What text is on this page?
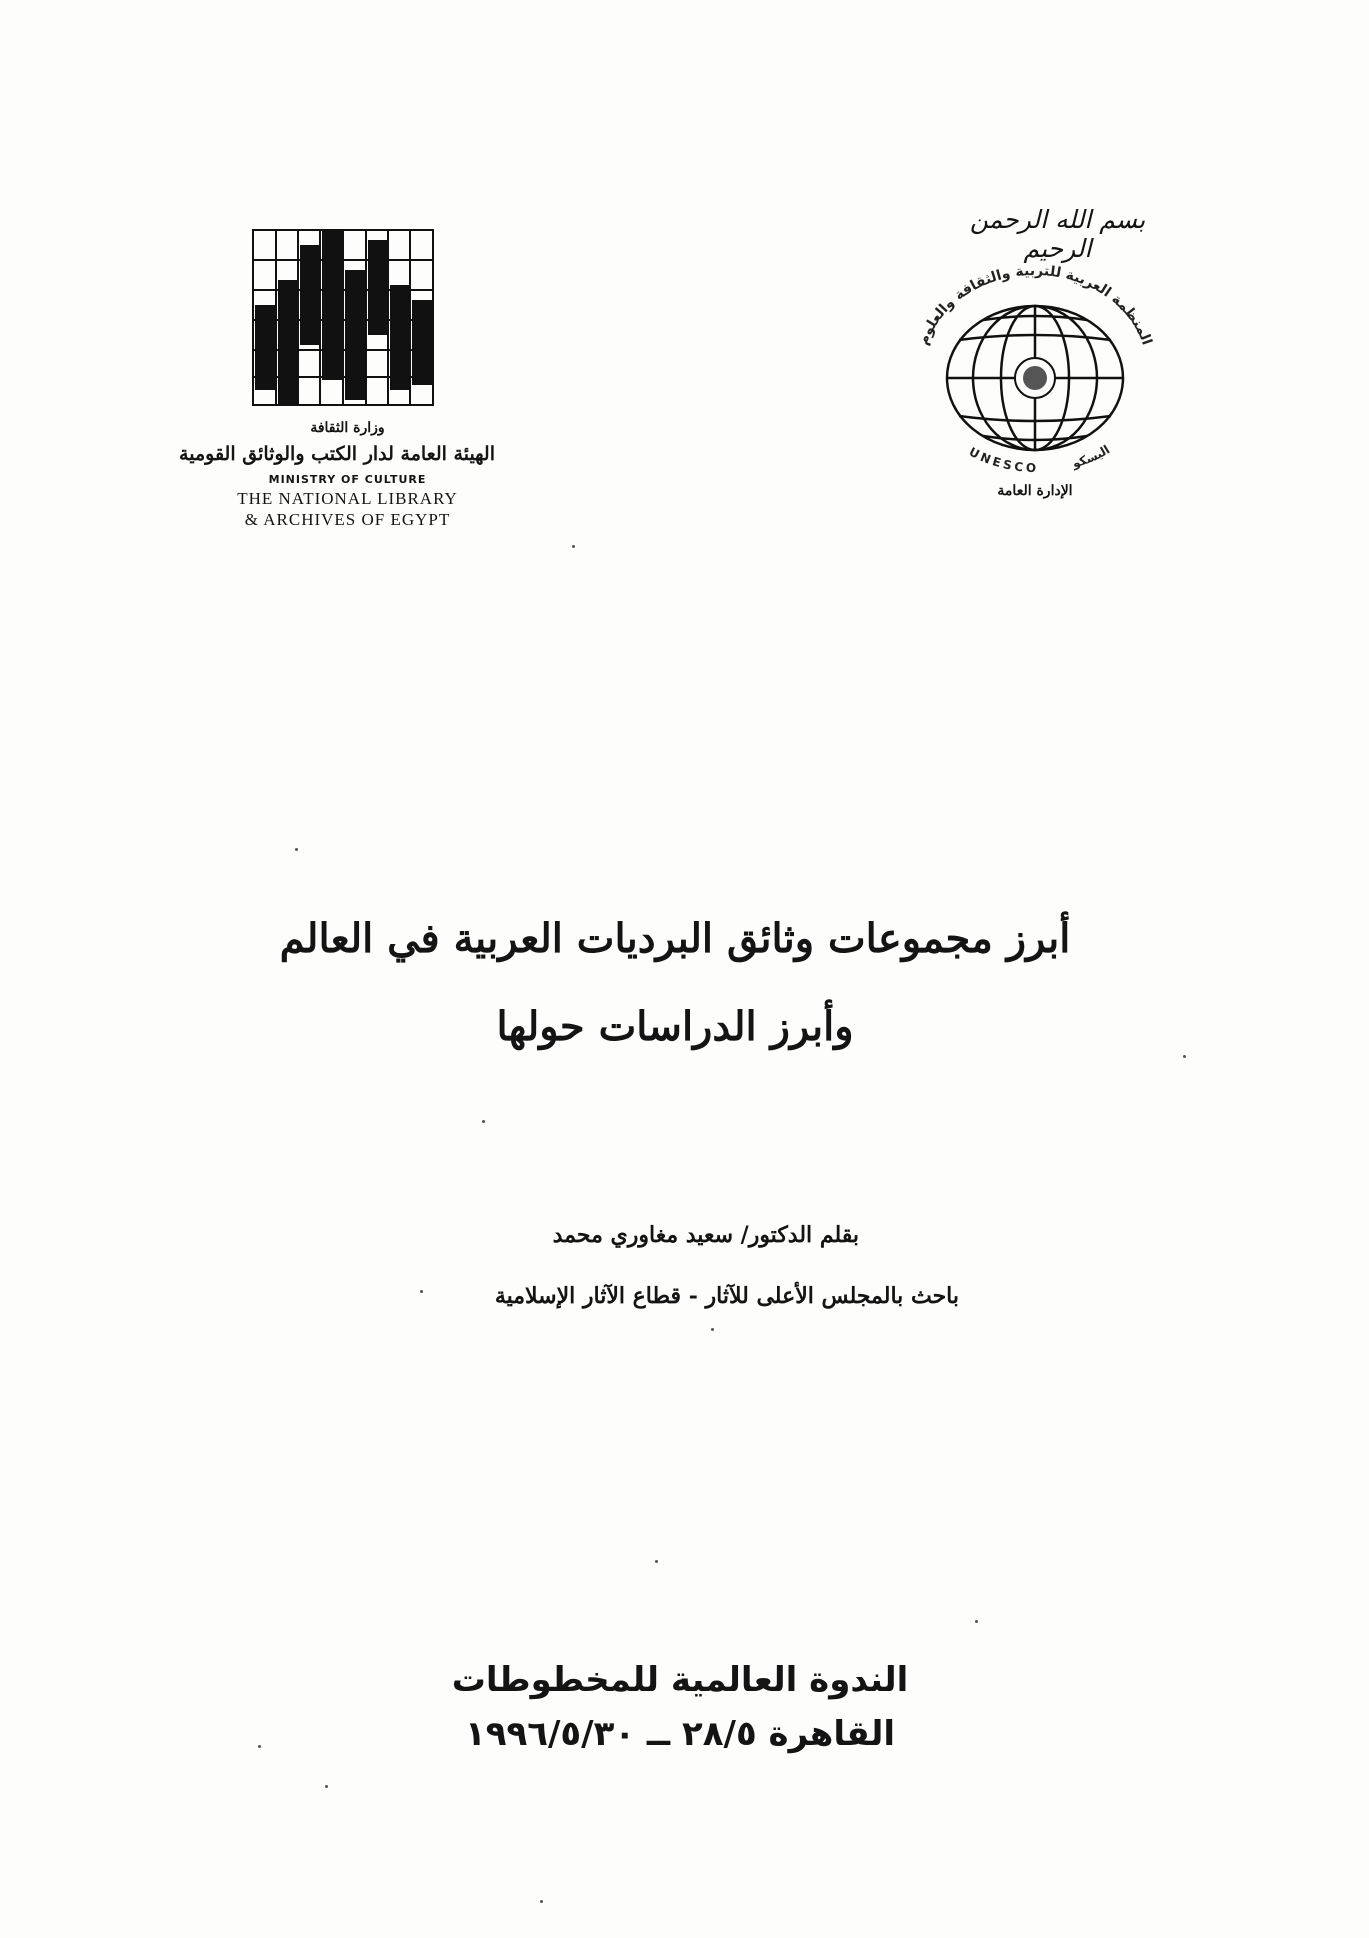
وزارة الثقافة
الهيئة العامة لدار الكتب والوثائق القومية
MINISTRY OF CULTURE
THE NATIONAL LIBRARY
& ARCHIVES OF EGYPT
بسم الله الرحمن الرحيم
المنظمة العربية للتربية والثقافة والعلوم
UNESCO	اليسكو
الإدارة العامة
أبرز مجموعات وثائق البرديات العربية في العالم
وأبرز الدراسات حولها
بقلم الدكتور/ سعيد مغاوري محمد
باحث بالمجلس الأعلى للآثار - قطاع الآثار الإسلامية
الندوة العالمية للمخطوطات
القاهرة ٢٨/٥ ــ ١٩٩٦/٥/٣٠
